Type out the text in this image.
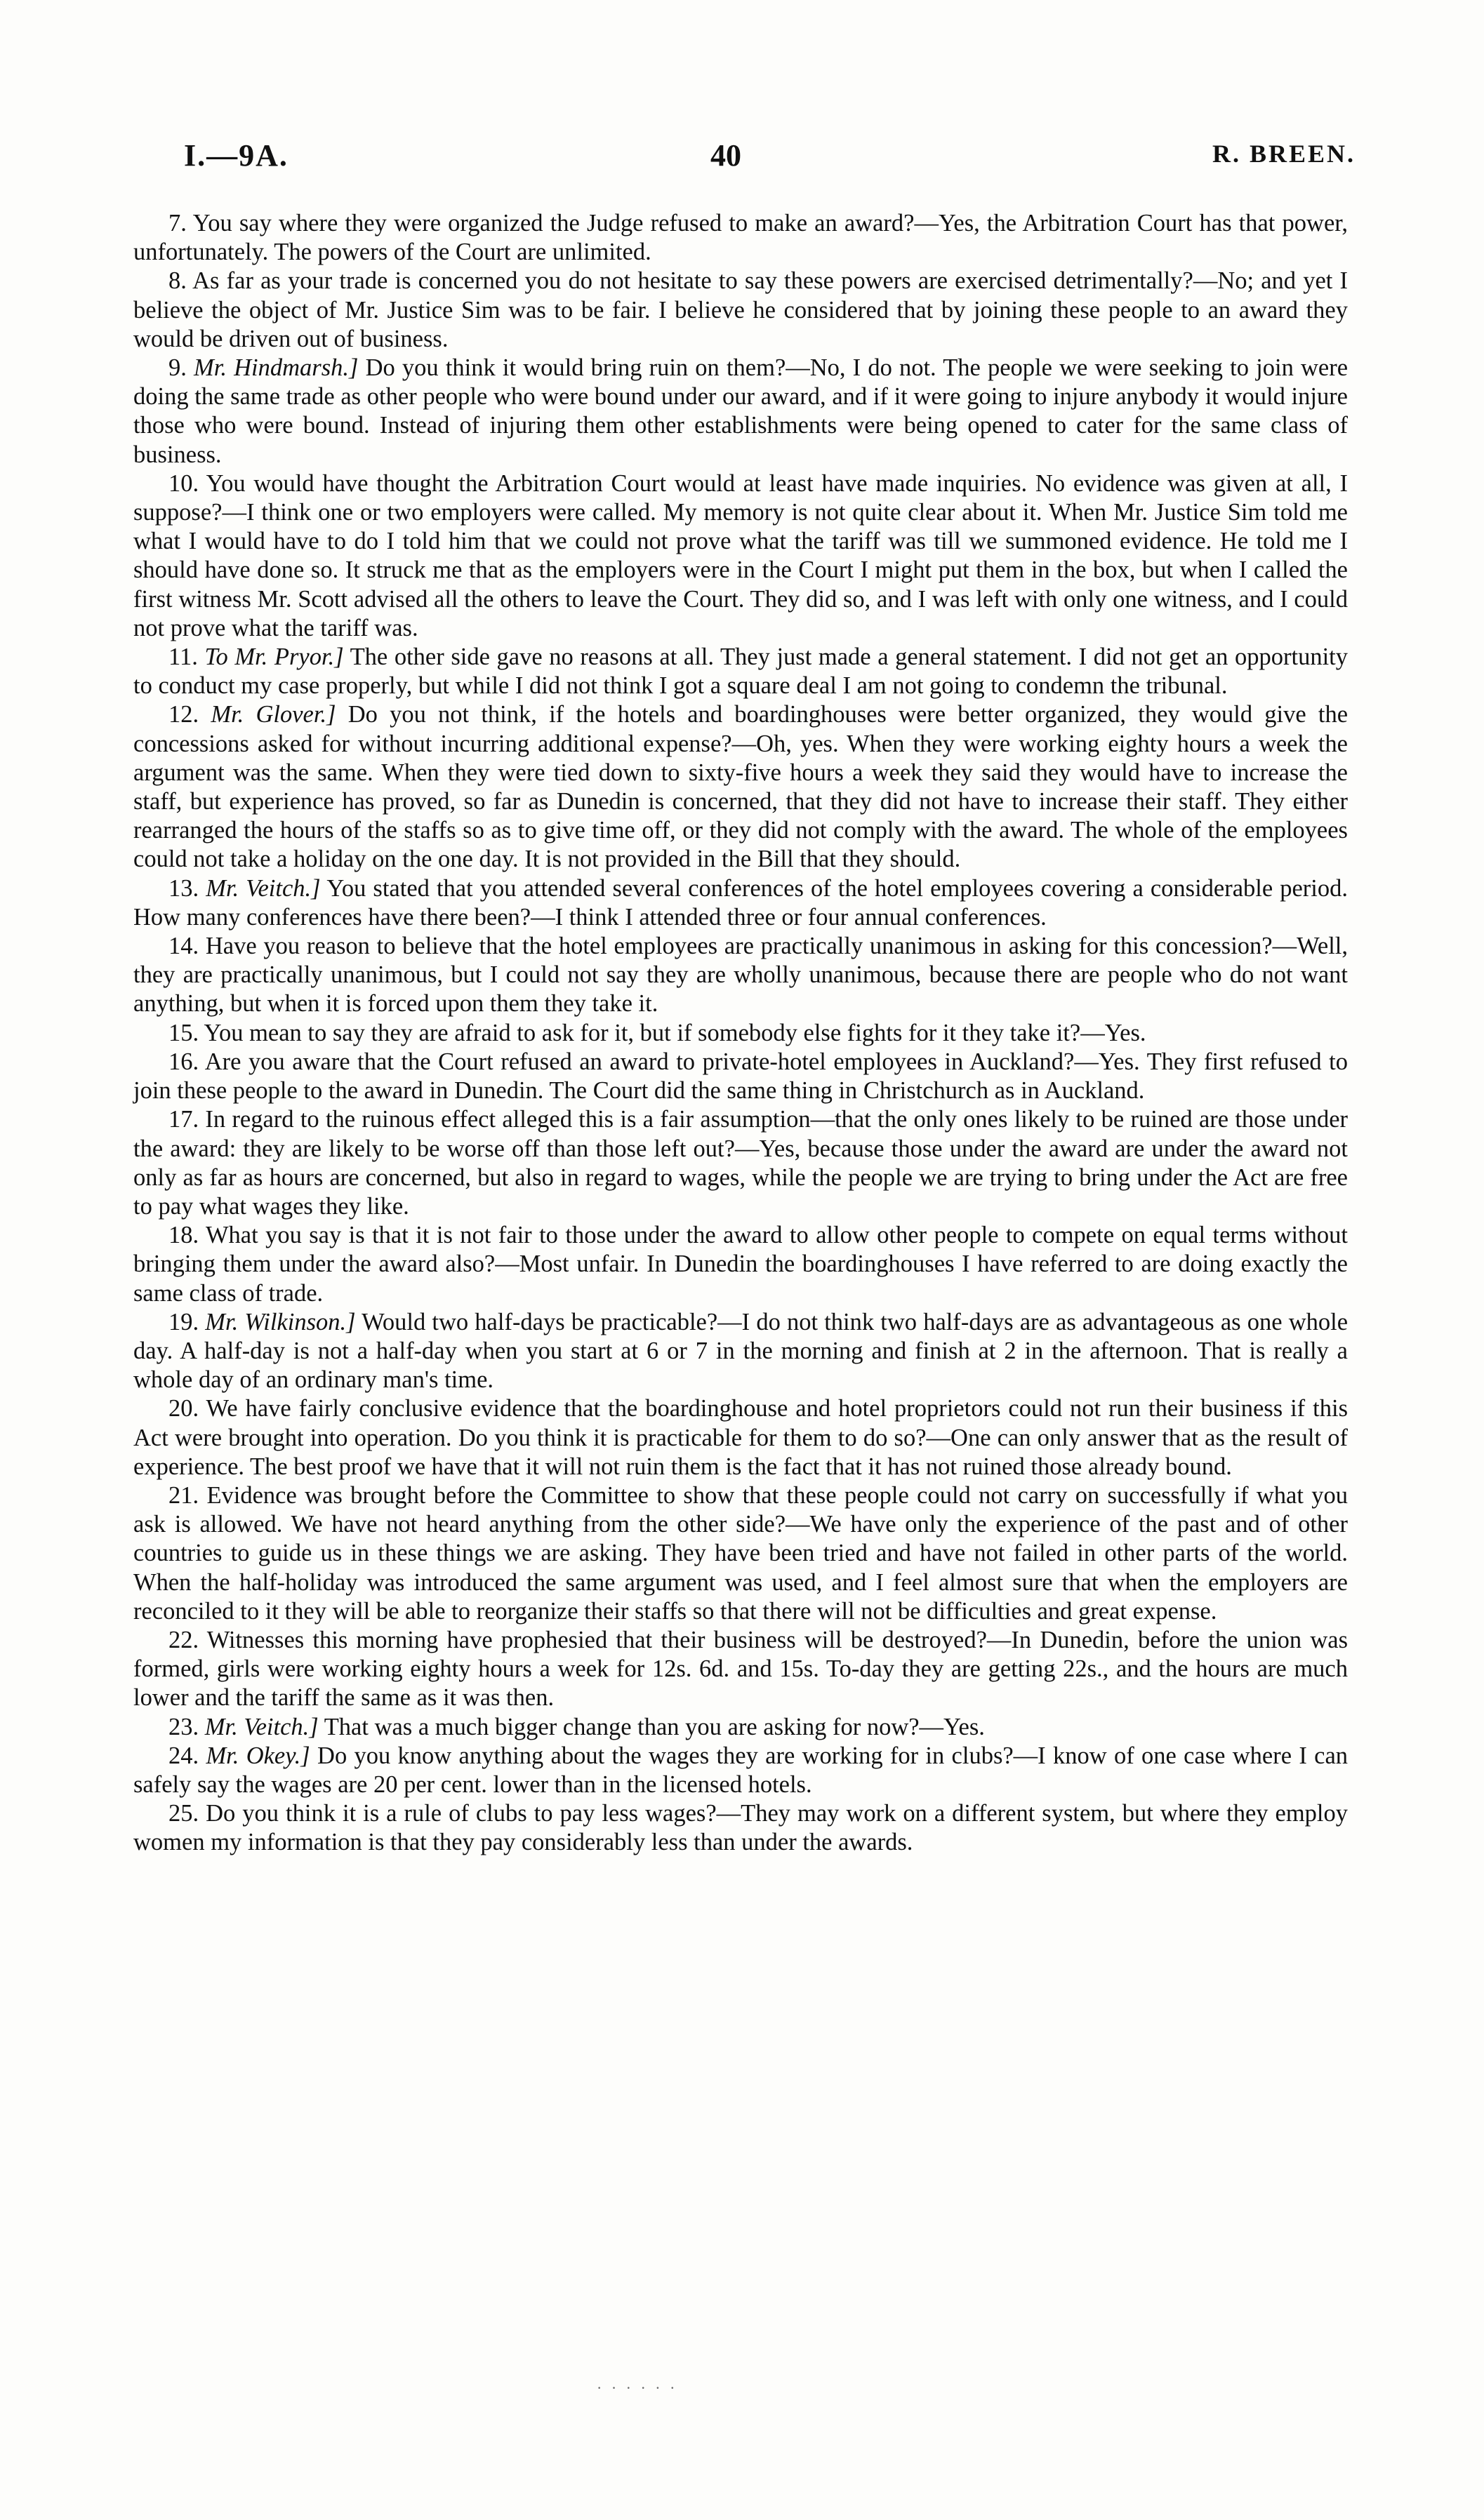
I.—9A.	40	R. BREEN.

7. You say where they were organized the Judge refused to make an award?—Yes, the Arbitration Court has that power, unfortunately. The powers of the Court are unlimited.

8. As far as your trade is concerned you do not hesitate to say these powers are exercised detrimentally?—No; and yet I believe the object of Mr. Justice Sim was to be fair. I believe he considered that by joining these people to an award they would be driven out of business.

9. Mr. Hindmarsh.] Do you think it would bring ruin on them?—No, I do not. The people we were seeking to join were doing the same trade as other people who were bound under our award, and if it were going to injure anybody it would injure those who were bound. Instead of injuring them other establishments were being opened to cater for the same class of business.

10. You would have thought the Arbitration Court would at least have made inquiries. No evidence was given at all, I suppose?—I think one or two employers were called. My memory is not quite clear about it. When Mr. Justice Sim told me what I would have to do I told him that we could not prove what the tariff was till we summoned evidence. He told me I should have done so. It struck me that as the employers were in the Court I might put them in the box, but when I called the first witness Mr. Scott advised all the others to leave the Court. They did so, and I was left with only one witness, and I could not prove what the tariff was.

11. To Mr. Pryor.] The other side gave no reasons at all. They just made a general statement. I did not get an opportunity to conduct my case properly, but while I did not think I got a square deal I am not going to condemn the tribunal.

12. Mr. Glover.] Do you not think, if the hotels and boardinghouses were better organized, they would give the concessions asked for without incurring additional expense?—Oh, yes. When they were working eighty hours a week the argument was the same. When they were tied down to sixty-five hours a week they said they would have to increase the staff, but experience has proved, so far as Dunedin is concerned, that they did not have to increase their staff. They either rearranged the hours of the staffs so as to give time off, or they did not comply with the award. The whole of the employees could not take a holiday on the one day. It is not provided in the Bill that they should.

13. Mr. Veitch.] You stated that you attended several conferences of the hotel employees covering a considerable period. How many conferences have there been?—I think I attended three or four annual conferences.

14. Have you reason to believe that the hotel employees are practically unanimous in asking for this concession?—Well, they are practically unanimous, but I could not say they are wholly unanimous, because there are people who do not want anything, but when it is forced upon them they take it.

15. You mean to say they are afraid to ask for it, but if somebody else fights for it they take it?—Yes.

16. Are you aware that the Court refused an award to private-hotel employees in Auckland?—Yes. They first refused to join these people to the award in Dunedin. The Court did the same thing in Christchurch as in Auckland.

17. In regard to the ruinous effect alleged this is a fair assumption—that the only ones likely to be ruined are those under the award: they are likely to be worse off than those left out?—Yes, because those under the award are under the award not only as far as hours are concerned, but also in regard to wages, while the people we are trying to bring under the Act are free to pay what wages they like.

18. What you say is that it is not fair to those under the award to allow other people to compete on equal terms without bringing them under the award also?—Most unfair. In Dunedin the boardinghouses I have referred to are doing exactly the same class of trade.

19. Mr. Wilkinson.] Would two half-days be practicable?—I do not think two half-days are as advantageous as one whole day. A half-day is not a half-day when you start at 6 or 7 in the morning and finish at 2 in the afternoon. That is really a whole day of an ordinary man's time.

20. We have fairly conclusive evidence that the boardinghouse and hotel proprietors could not run their business if this Act were brought into operation. Do you think it is practicable for them to do so?—One can only answer that as the result of experience. The best proof we have that it will not ruin them is the fact that it has not ruined those already bound.

21. Evidence was brought before the Committee to show that these people could not carry on successfully if what you ask is allowed. We have not heard anything from the other side?—We have only the experience of the past and of other countries to guide us in these things we are asking. They have been tried and have not failed in other parts of the world. When the half-holiday was introduced the same argument was used, and I feel almost sure that when the employers are reconciled to it they will be able to reorganize their staffs so that there will not be difficulties and great expense.

22. Witnesses this morning have prophesied that their business will be destroyed?—In Dunedin, before the union was formed, girls were working eighty hours a week for 12s. 6d. and 15s. To-day they are getting 22s., and the hours are much lower and the tariff the same as it was then.

23. Mr. Veitch.] That was a much bigger change than you are asking for now?—Yes.

24. Mr. Okey.] Do you know anything about the wages they are working for in clubs?—I know of one case where I can safely say the wages are 20 per cent. lower than in the licensed hotels.

25. Do you think it is a rule of clubs to pay less wages?—They may work on a different system, but where they employ women my information is that they pay considerably less than under the awards.

· · · · · ·
